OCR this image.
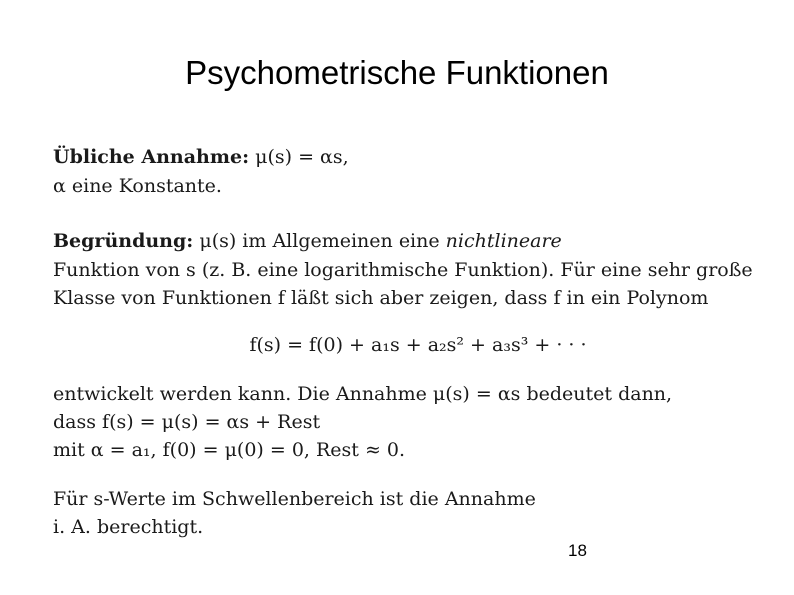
Psychometrische Funktionen
Übliche Annahme: μ(s) = αs,
α eine Konstante.
Begründung: μ(s) im Allgemeinen eine nichtlineare
Funktion von s (z. B. eine logarithmische Funktion). Für eine sehr große
Klasse von Funktionen f läßt sich aber zeigen, dass f in ein Polynom
f(s) = f(0) + a₁s + a₂s² + a₃s³ + · · ·
entwickelt werden kann. Die Annahme μ(s) = αs bedeutet dann,
dass f(s) = μ(s) = αs + Rest
mit α = a₁, f(0) = μ(0) = 0, Rest ≈ 0.
Für s-Werte im Schwellenbereich ist die Annahme
i. A. berechtigt.
18
